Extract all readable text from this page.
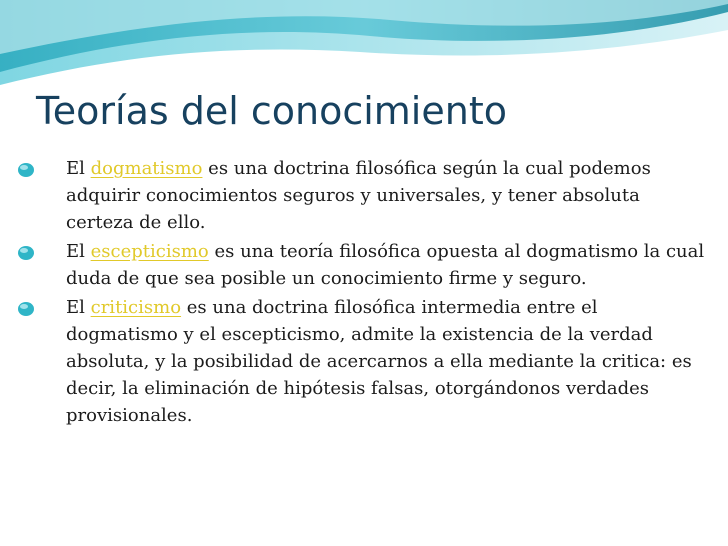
Teorías del conocimiento
El dogmatismo es una doctrina filosófica según la cual podemos adquirir conocimientos seguros y universales, y tener absoluta certeza de ello.
El escepticismo es una teoría filosófica opuesta al dogmatismo la cual duda de que sea posible un conocimiento firme y seguro.
El criticismo es una doctrina filosófica intermedia entre el dogmatismo y el escepticismo, admite la existencia de la verdad absoluta, y la posibilidad de acercarnos a ella mediante la critica: es decir, la eliminación de hipótesis falsas, otorgándonos verdades provisionales.
